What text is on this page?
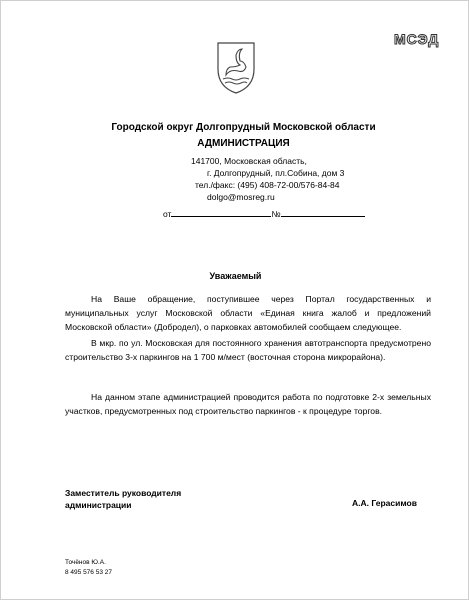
МСЭД
Городской округ Долгопрудный Московской области
АДМИНИСТРАЦИЯ
141700, Московская область,
г. Долгопрудный, пл.Собина, дом 3
тел./факс: (495) 408-72-00/576-84-84
dolgo@mosreg.ru
от	№
Уважаемый
На Ваше обращение, поступившее через Портал государственных и муниципальных услуг Московской области «Единая книга жалоб и предложений Московской области» (Добродел), о парковках автомобилей сообщаем следующее.
В мкр. по ул. Московская для постоянного хранения автотранспорта предусмотрено строительство 3-х паркингов на 1 700 м/мест (восточная сторона микрорайона).
На данном этапе администрацией проводится работа по подготовке 2-х земельных участков, предусмотренных под строительство паркингов - к процедуре торгов.
Заместитель руководителя
администрации	А.А. Герасимов
Точёнов Ю.А.
8 495 576 53 27
